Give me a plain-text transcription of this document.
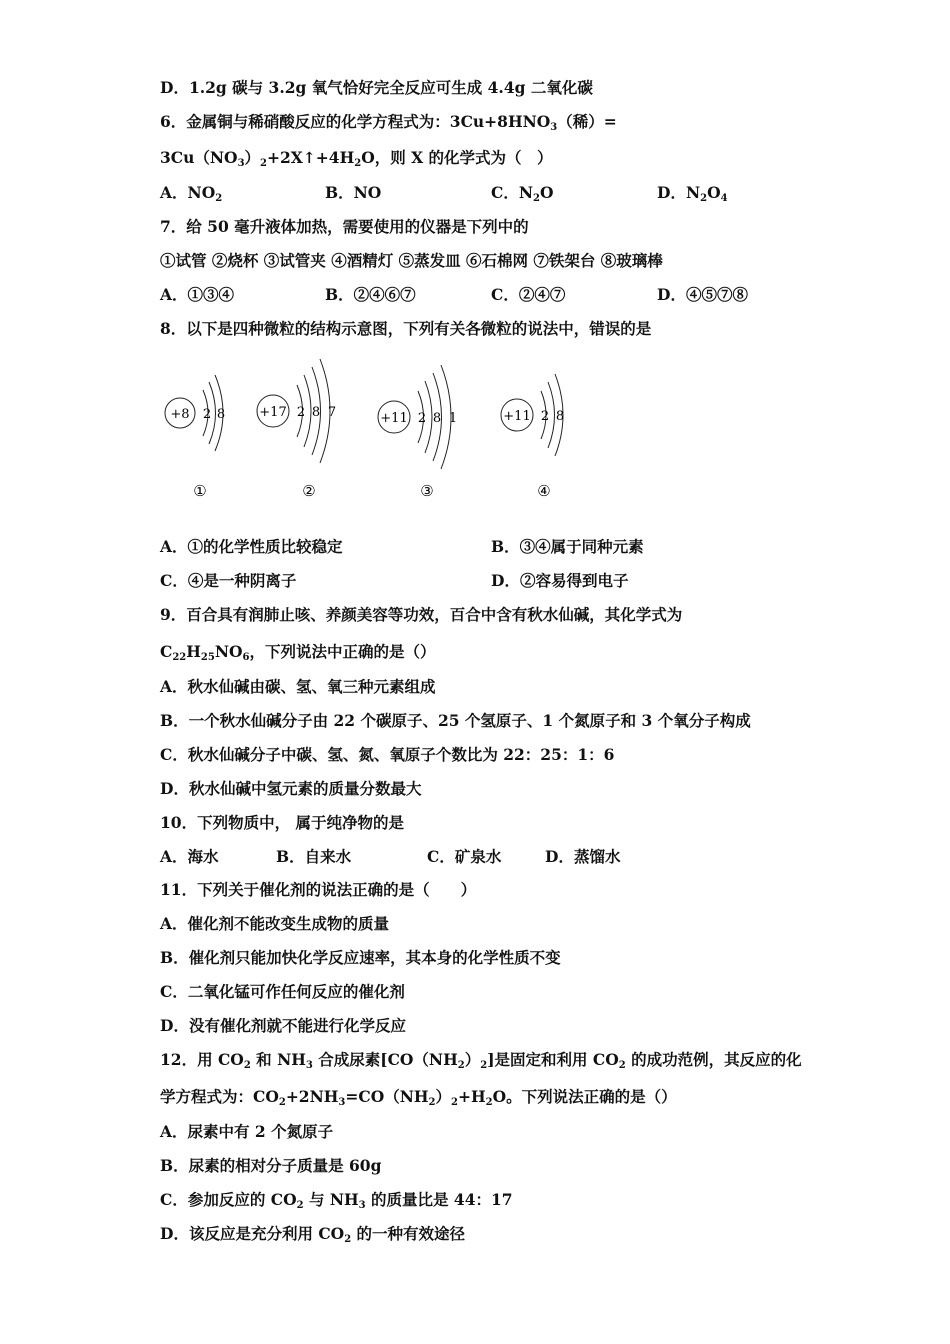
D．1.2g 碳与 3.2g 氧气恰好完全反应可生成 4.4g 二氧化碳
6．金属铜与稀硝酸反应的化学方程式为：$3Cu+8HNO_3$（稀）=
$3Cu(NO_3)_2+2X↑+4H_2O$，则 X 的化学式为（　）
A．$NO_2$	B．NO	C．$N_2O$	D．$N_2O_4$
7．给 50 毫升液体加热，需要使用的仪器是下列中的
①试管 ②烧杯 ③试管夹 ④酒精灯 ⑤蒸发皿 ⑥石棉网 ⑦铁架台 ⑧玻璃棒
A．①③④	B．②④⑥⑦	C．②④⑦	D．④⑤⑦⑧
8．以下是四种微粒的结构示意图，下列有关各微粒的说法中，错误的是
+8 2 8
①
+17 2 8 7
②
+11 2 8 1
③
+11 2 8
④
A．①的化学性质比较稳定	B．③④属于同种元素
C．④是一种阴离子	D．②容易得到电子
9．百合具有润肺止咳、养颜美容等功效，百合中含有秋水仙碱，其化学式为
$C_{22}H_{25}NO_6$，下列说法中正确的是（）
A．秋水仙碱由碳、氢、氧三种元素组成
B．一个秋水仙碱分子由 22 个碳原子、25 个氢原子、1 个氮原子和 3 个氧分子构成
C．秋水仙碱分子中碳、氢、氮、氧原子个数比为 22：25：1：6
D．秋水仙碱中氢元素的质量分数最大
10．下列物质中， 属于纯净物的是
A．海水	B．自来水	C．矿泉水	D．蒸馏水
11．下列关于催化剂的说法正确的是（　　）
A．催化剂不能改变生成物的质量
B．催化剂只能加快化学反应速率，其本身的化学性质不变
C．二氧化锰可作任何反应的催化剂
D．没有催化剂就不能进行化学反应
12．用 $CO_2$ 和 $NH_3$ 合成尿素$[CO(NH_2)_2]$是固定和利用 $CO_2$ 的成功范例，其反应的化
学方程式为：$CO_2+2NH_3=CO(NH_2)_2+H_2O$。下列说法正确的是（）
A．尿素中有 2 个氮原子
B．尿素的相对分子质量是 60g
C．参加反应的 $CO_2$ 与 $NH_3$ 的质量比是 44：17
D．该反应是充分利用 $CO_2$ 的一种有效途径
